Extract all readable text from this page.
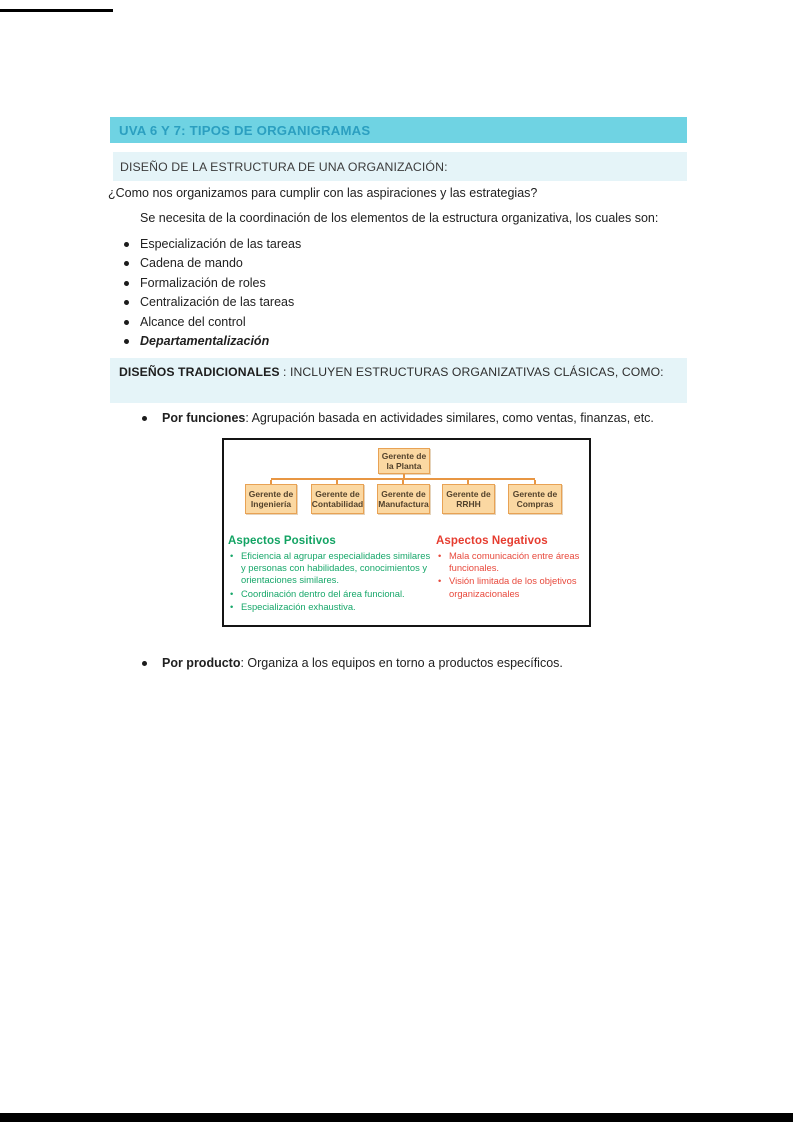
UVA 6 Y 7: TIPOS DE ORGANIGRAMAS
DISEÑO DE LA ESTRUCTURA DE UNA ORGANIZACIÓN:
¿Como nos organizamos para cumplir con las aspiraciones y las estrategias?
Se necesita de la coordinación de los elementos de la estructura organizativa, los cuales son:
Especialización de las tareas
Cadena de mando
Formalización de roles
Centralización de las tareas
Alcance del control
Departamentalización
DISEÑOS TRADICIONALES : INCLUYEN ESTRUCTURAS ORGANIZATIVAS CLÁSICAS, COMO:
Por funciones: Agrupación basada en actividades similares, como ventas, finanzas, etc.
Gerente de la Planta
Gerente de Ingeniería
Gerente de Contabilidad
Gerente de Manufactura
Gerente de RRHH
Gerente de Compras
Aspectos Positivos
• Eficiencia al agrupar especialidades similares y personas con habilidades, conocimientos y orientaciones similares.
• Coordinación dentro del área funcional.
• Especialización exhaustiva.
Aspectos Negativos
• Mala comunicación entre áreas funcionales.
• Visión limitada de los objetivos organizacionales
Por producto: Organiza a los equipos en torno a productos específicos.
